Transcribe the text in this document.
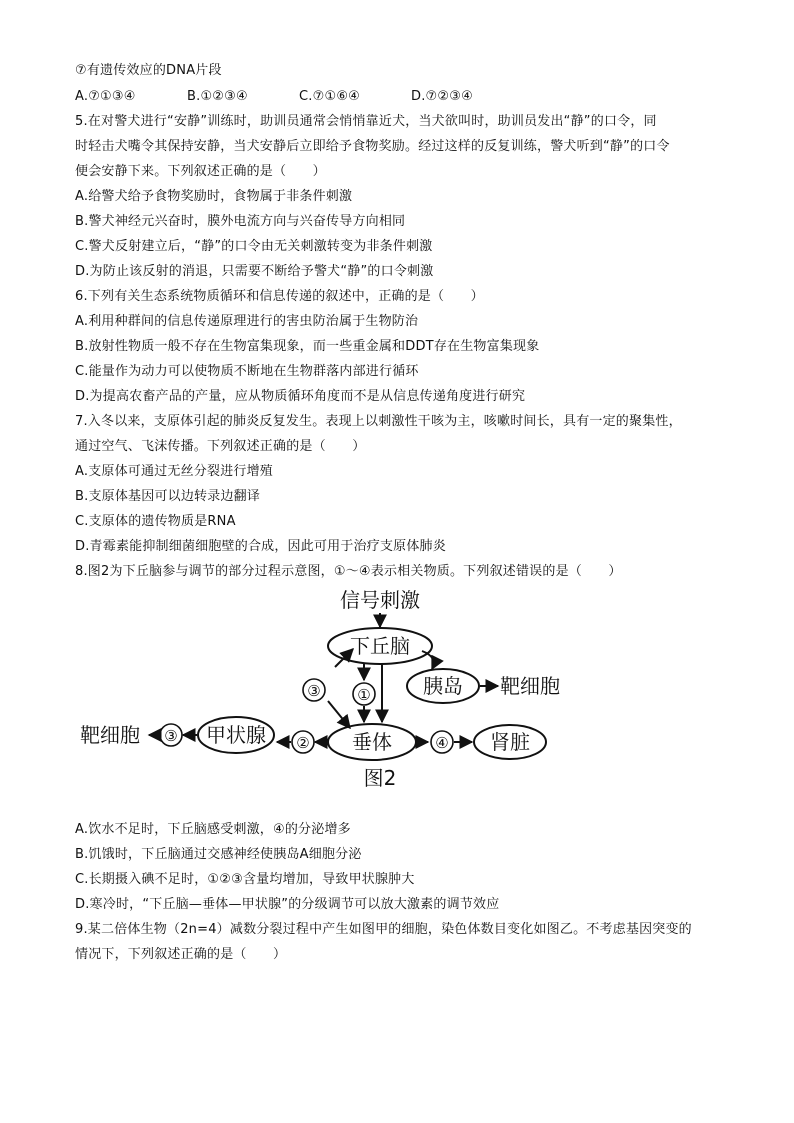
⑦有遗传效应的DNA片段
A.⑦①③④	B.①②③④	C.⑦①⑥④	D.⑦②③④
5.在对警犬进行“安静”训练时，助训员通常会悄悄靠近犬，当犬欲叫时，助训员发出“静”的口令，同
时轻击犬嘴令其保持安静，当犬安静后立即给予食物奖励。经过这样的反复训练，警犬听到“静”的口令
便会安静下来。下列叙述正确的是（　　）
A.给警犬给予食物奖励时，食物属于非条件刺激
B.警犬神经元兴奋时，膜外电流方向与兴奋传导方向相同
C.警犬反射建立后，“静”的口令由无关刺激转变为非条件刺激
D.为防止该反射的消退，只需要不断给予警犬“静”的口令刺激
6.下列有关生态系统物质循环和信息传递的叙述中，正确的是（　　）
A.利用种群间的信息传递原理进行的害虫防治属于生物防治
B.放射性物质一般不存在生物富集现象，而一些重金属和DDT存在生物富集现象
C.能量作为动力可以使物质不断地在生物群落内部进行循环
D.为提高农畜产品的产量，应从物质循环角度而不是从信息传递角度进行研究
7.入冬以来，支原体引起的肺炎反复发生。表现上以刺激性干咳为主，咳嗽时间长，具有一定的聚集性，
通过空气、飞沫传播。下列叙述正确的是（　　）
A.支原体可通过无丝分裂进行增殖
B.支原体基因可以边转录边翻译
C.支原体的遗传物质是RNA
D.青霉素能抑制细菌细胞壁的合成，因此可用于治疗支原体肺炎
8.图2为下丘脑参与调节的部分过程示意图，①～④表示相关物质。下列叙述错误的是（　　）
信号刺激
下丘脑
胰岛 靶细胞
③ ①
垂体	④ 肾脏
②
甲状腺
③
靶细胞
图2
A.饮水不足时，下丘脑感受刺激，④的分泌增多
B.饥饿时，下丘脑通过交感神经使胰岛A细胞分泌
C.长期摄入碘不足时，①②③含量均增加，导致甲状腺肿大
D.寒冷时，“下丘脑—垂体—甲状腺”的分级调节可以放大激素的调节效应
9.某二倍体生物（2n=4）减数分裂过程中产生如图甲的细胞，染色体数目变化如图乙。不考虑基因突变的
情况下，下列叙述正确的是（　　）
